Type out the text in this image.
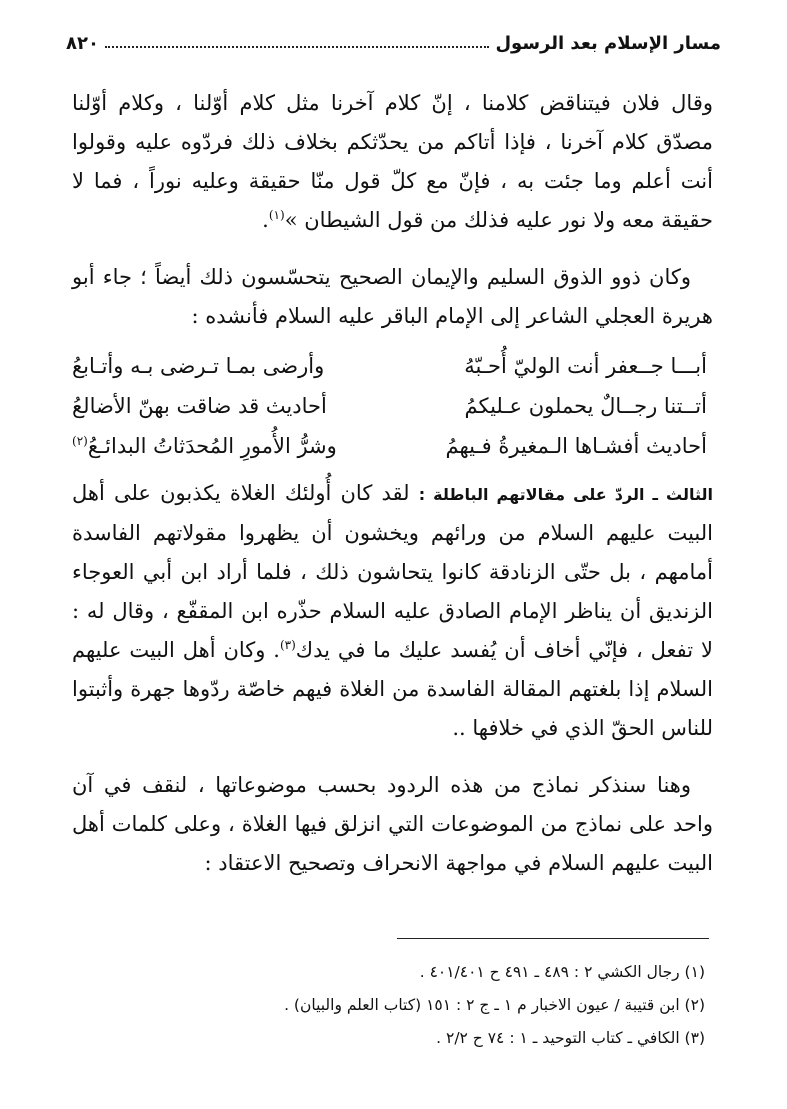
مسار الإسلام بعد الرسول
٨٢٠

وقال فلان فيتناقض كلامنا ، إنّ كلام آخرنا مثل كلام أوّلنا ، وكلام أوّلنا مصدّق كلام آخرنا ، فإذا أتاكم من يحدّثكم بخلاف ذلك فردّوه عليه وقولوا أنت أعلم وما جئت به ، فإنّ مع كلّ قول منّا حقيقة وعليه نوراً ، فما لا حقيقة معه ولا نور عليه فذلك من قول الشيطان »$^{(١)}$.

وكان ذوو الذوق السليم والإيمان الصحيح يتحسّسون ذلك أيضاً ؛ جاء أبو هريرة العجلي الشاعر إلى الإمام الباقر عليه السلام فأنشده :

أبـــا جــعفر أنت الوليّ أُحـبّهُ
وأرضى بمـا تـرضى بـه وأتـابعُ
أتــتنا رجــالٌ يحملون عـليكمُ
أحاديث قد ضاقت بهنّ الأضالعُ
أحاديث أفشـاها الـمغيرةُ فـيهمُ
وشرُّ الأُمورِ المُحدَثاتُ البدائـعُ$^{(٢)}$

الثالث ـ الردّ على مقالاتهم الباطلة : لقد كان أُولئك الغلاة يكذبون على أهل البيت عليهم السلام من ورائهم ويخشون أن يظهروا مقولاتهم الفاسدة أمامهم ، بل حتّى الزنادقة كانوا يتحاشون ذلك ، فلما أراد ابن أبي العوجاء الزنديق أن يناظر الإمام الصادق عليه السلام حذّره ابن المقفّع ، وقال له : لا تفعل ، فإنّي أخاف أن يُفسد عليك ما في يدك$^{(٣)}$. وكان أهل البيت عليهم السلام إذا بلغتهم المقالة الفاسدة من الغلاة فيهم خاصّة ردّوها جهرة وأثبتوا للناس الحقّ الذي في خلافها ..

وهنا سنذكر نماذج من هذه الردود بحسب موضوعاتها ، لنقف في آن واحد على نماذج من الموضوعات التي انزلق فيها الغلاة ، وعلى كلمات أهل البيت عليهم السلام في مواجهة الانحراف وتصحيح الاعتقاد :

(١) رجال الكشي ٢ : ٤٨٩ ـ ٤٩١ ح ٤٠١/٤٠١ .
(٢) ابن قتيبة / عيون الاخبار م ١ ـ ج ٢ : ١٥١ (كتاب العلم والبيان) .
(٣) الكافي ـ كتاب التوحيد ـ ١ : ٧٤ ح ٢/٢ .
